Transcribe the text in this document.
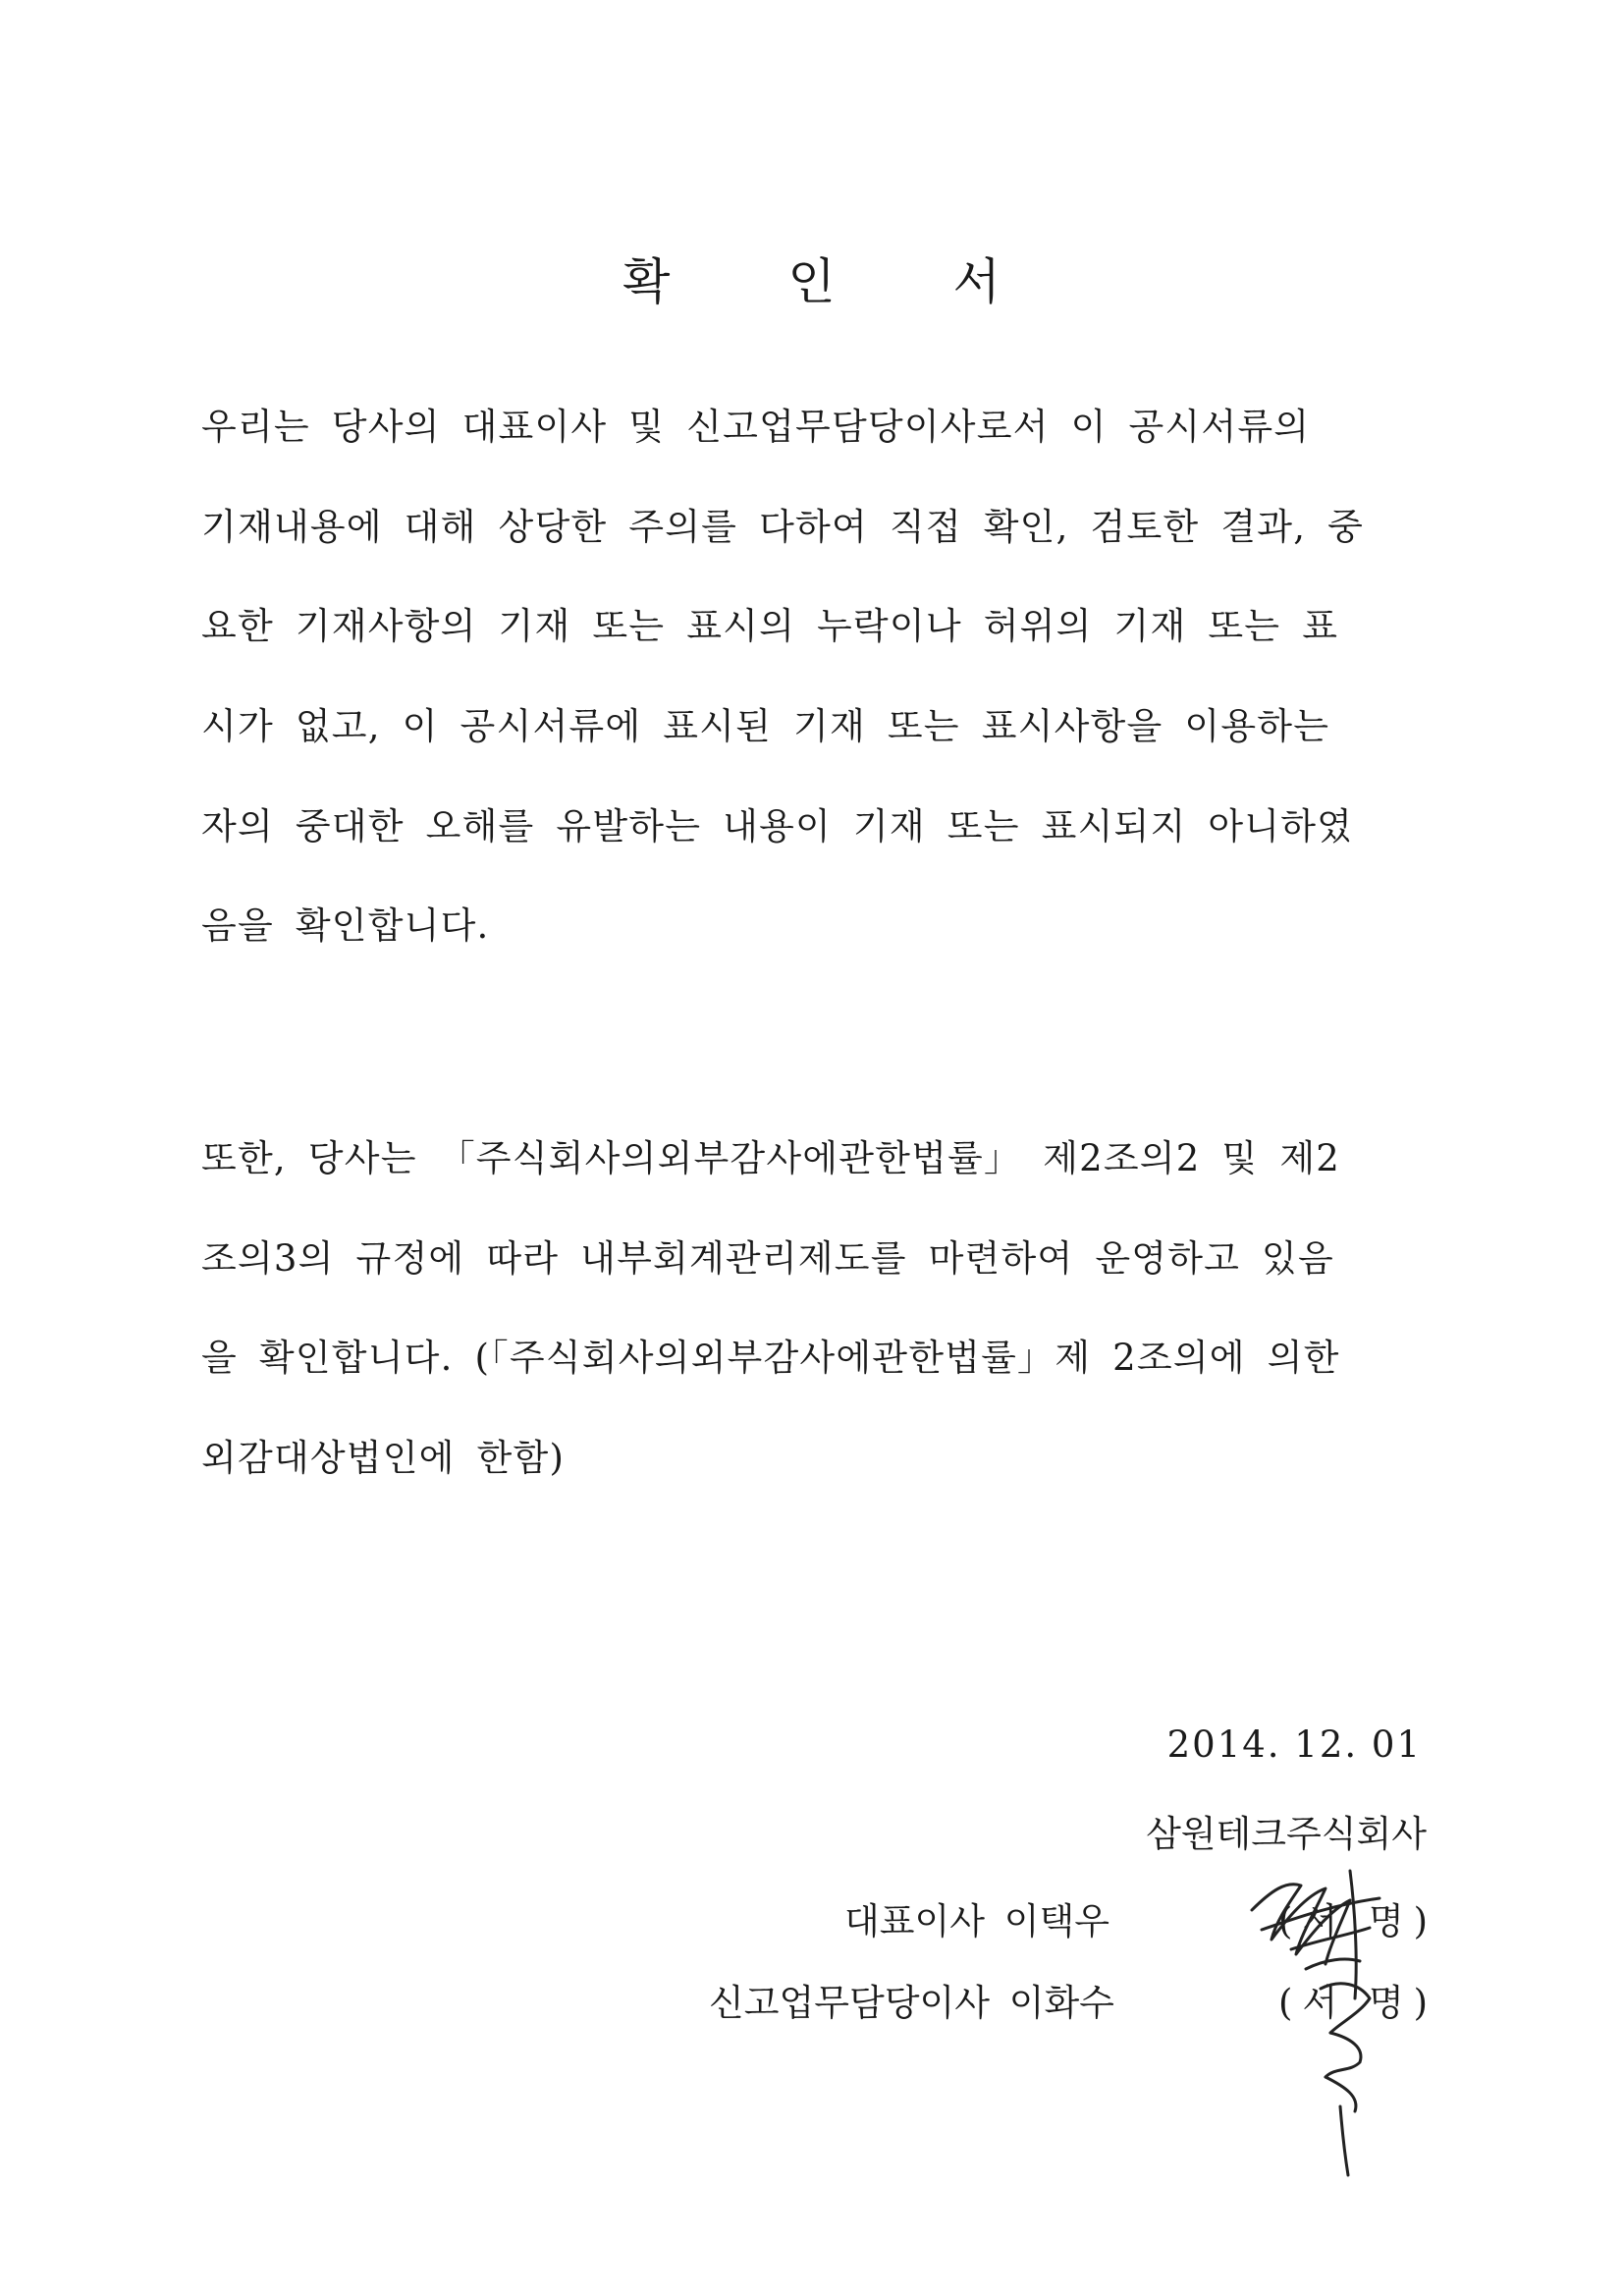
확 인 서
우리는 당사의 대표이사 및 신고업무담당이사로서 이 공시서류의
기재내용에 대해 상당한 주의를 다하여 직접 확인, 검토한 결과, 중
요한 기재사항의 기재 또는 표시의 누락이나 허위의 기재 또는 표
시가 없고, 이 공시서류에 표시된 기재 또는 표시사항을 이용하는
자의 중대한 오해를 유발하는 내용이 기재 또는 표시되지 아니하였
음을 확인합니다.
또한, 당사는 「주식회사의외부감사에관한법률」 제2조의2 및 제2
조의3의 규정에 따라 내부회계관리제도를 마련하여 운영하고 있음
을 확인합니다. (「주식회사의외부감사에관한법률」제 2조의에 의한
외감대상법인에 한함)
2014. 12. 01
삼원테크주식회사
대표이사 이택우	(서 명)
신고업무담당이사 이화수	(서 명)
